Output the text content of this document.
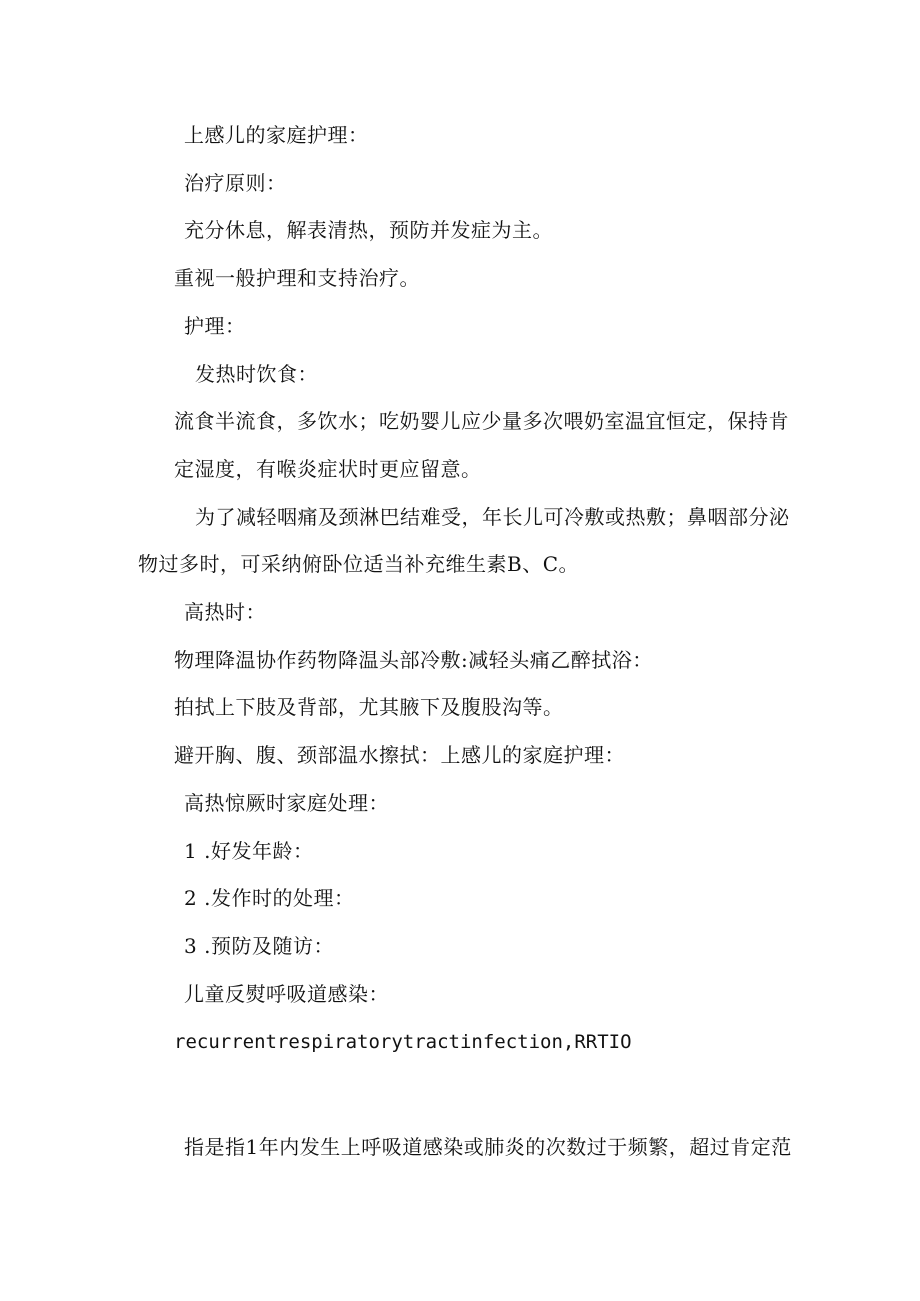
上感儿的家庭护理：
治疗原则：
充分休息，解表清热，预防并发症为主。
重视一般护理和支持治疗。
护理：
发热时饮食：
流食半流食，多饮水；吃奶婴儿应少量多次喂奶室温宜恒定，保持肯
定湿度，有喉炎症状时更应留意。
为了减轻咽痛及颈淋巴结难受，年长儿可冷敷或热敷；鼻咽部分泌
物过多时，可采纳俯卧位适当补充维生素B、C。
高热时：
物理降温协作药物降温头部冷敷:减轻头痛乙醉拭浴：
拍拭上下肢及背部，尤其腋下及腹股沟等。
避开胸、腹、颈部温水擦拭：上感儿的家庭护理：
高热惊厥时家庭处理：
1 .好发年龄：
2 .发作时的处理：
3 .预防及随访：
儿童反熨呼吸道感染：
recurrentrespiratorytractinfection,RRTIO
指是指1年内发生上呼吸道感染或肺炎的次数过于频繁，超过肯定范
